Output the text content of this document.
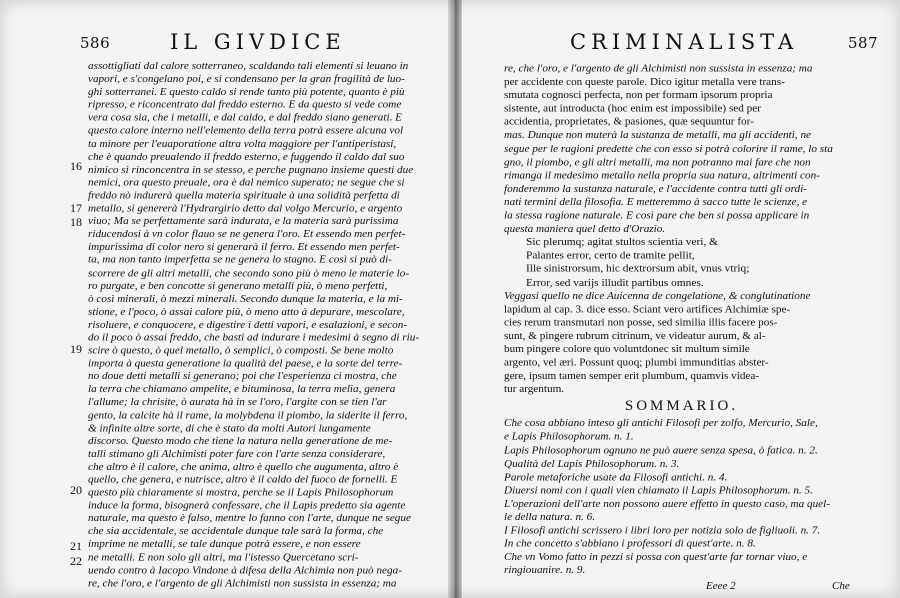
586	IL GIVDICE
assottigliati dal calore sotterraneo, scaldando tali elementi si leuano in
vapori, e s'congelano poi, e si condensano per la gran fragilità de luo-
ghi sotterranei. E questo caldo si rende tanto più potente, quanto è più
ripresso, e riconcentrato dal freddo esterno. E da questo si vede come
vera cosa sia, che i metalli, e dal caldo, e dal freddo siano generati. E
questo calore interno nell'elemento della terra potrà essere alcuna vol
ta minore per l'euaporatione altra volta maggiore per l'antiperistasi,
che è quando preualendo il freddo esterno, e fuggendo il caldo dal suo
nimico si rinconcentra in se stesso, e perche pugnano insieme questi due
nemici, ora questo preuale, ora è dal nemico superato; ne segue che si
freddo nò indurerà quella materia spirituale à una solidità perfetta di
metallo, si genererà l'Hydrargirio detto dal volgo Mercurio, e argento
viuo; Ma se perfettamente sarà indurata, e la materia sarà purissima
riducendosi à vn color flauo se ne genera l'oro. Et essendo men perfet-
impurissima di color nero si generarà il ferro. Et essendo men perfet-
ta, ma non tanto imperfetta se ne genera lo stagno. E così si può di-
scorrere de gli altri metalli, che secondo sono più ò meno le materie lo-
ro purgate, e ben concotte si generano metalli più, ò meno perfetti,
ò così minerali, ò mezzi minerali. Secondo dunque la materia, e la mi-
stione, e l'poco, ò assai calore più, ò meno atto à depurare, mescolare,
risoluere, e conquocere, e digestire i detti vapori, e esalazioni, e secon-
do il poco ò assai freddo, che basti ad indurare i medesimi à segno di riu-
scire ò questo, ò quel metallo, ò semplici, ò composti. Se bene molto
importa à questa generatione la qualità del paese, e la sorte del terre-
no doue detti metalli si generano; poi che l'esperienza ci mostra, che
la terra che chiamano ampelite, e bituminosa, la terra melia, genera
l'allume; la chrisite, ò aurata hà in se l'oro, l'argite con se tien l'ar
gento, la calcite hà il rame, la molybdena il piombo, la siderite il ferro,
& infinite altre sorte, di che è stato da molti Autori lungamente
discorso. Questo modo che tiene la natura nella generatione de me-
talli stimano gli Alchimisti poter fare con l'arte senza considerare,
che altro è il calore, che anima, altro è quello che augumenta, altro è
quello, che genera, e nutrisce, altro è il caldo del fuoco de fornelli. E
questo più chiaramente si mostra, perche se il Lapis Philosophorum
induce la forma, bisognerà confessare, che il Lapis predetto sia agente
naturale, ma questo è falso, mentre lo fanno con l'arte, dunque ne segue
che sia accidentale, se accidentale dunque tale sarà la forma, che
imprime ne metalli, se tale dunque potrà essere, e non essere
ne metalli. E non solo gli altri, ma l'istesso Quercetano scri-
uendo contro à Iacopo Vindone à difesa della Alchimia non può nega-
re, che l'oro, e l'argento de gli Alchimisti non sussista in essenza; ma
16
17
18
19
20
21
22
CRIMINALISTA	587
re, che l'oro, e l'argento de gli Alchimisti non sussista in essenza; ma
per accidente con queste parole. Dico igitur metalla vere trans-
smutata cognosci perfecta, non per formam ipsorum propria
sistente, aut introducta (hoc enim est impossibile) sed per
accidentia, proprietates, & pasiones, quæ sequuntur for-
mas. Dunque non muterà la sustanza de metalli, ma gli accidenti, ne
segue per le ragioni predette che con esso si potrà colorire il rame, lo sta
gno, il piombo, e gli altri metalli, ma non potranno mai fare che non
rimanga il medesimo metallo nella propria sua natura, altrimenti con-
fonderemmo la sustanza naturale, e l'accidente contra tutti gli ordi-
nati termini della filosofia. E metteremmo à sacco tutte le scienze, e
la stessa ragione naturale. E così pare che ben si possa applicare in
questa maniera quel detto d'Orazio.
Sic plerumq; agitat stultos scientia veri, &
Palantes error, certo de tramite pellit,
Ille sinistrorsum, hic dextrorsum abit, vnus vtriq;
Error, sed varijs illudit partibus omnes.
Veggasi quello ne dice Auicenna de congelatione, & conglutinatione
lapidum al cap. 3. dice esso. Sciant vero artifices Alchimiæ spe-
cies rerum transmutari non posse, sed similia illis facere pos-
sunt, & pingere rubrum citrinum, ve videatur aurum, & al-
bum pingere colore quo voluntdonec sit multum simile
argento, vel æri. Possunt quoq; plumbi immunditias abster-
gere, ipsum tamen semper erit plumbum, quamvis videa-
tur argentum.
SOMMARIO.
Che cosa abbiano inteso gli antichi Filosofi per zolfo, Mercurio, Sale,
e Lapis Philosophorum. n. 1.
Lapis Philosophorum ognuno ne può auere senza spesa, ò fatica. n. 2.
Qualità del Lapis Philosophorum. n. 3.
Parole metaforiche usate da Filosofi antichi. n. 4.
Diuersi nomi con i quali vien chiamato il Lapis Philosophorum. n. 5.
L'operazioni dell'arte non possono auere effetto in questo caso, ma quel-
le della natura. n. 6.
I Filosofi antichi scrissero i libri loro per notizia solo de figliuoli. n. 7.
In che concetto s'abbiano i professori di quest'arte. n. 8.
Che vn Vomo fatto in pezzi si possa con quest'arte far tornar viuo, e
ringiouanire. n. 9.
Eeee 2	Che
